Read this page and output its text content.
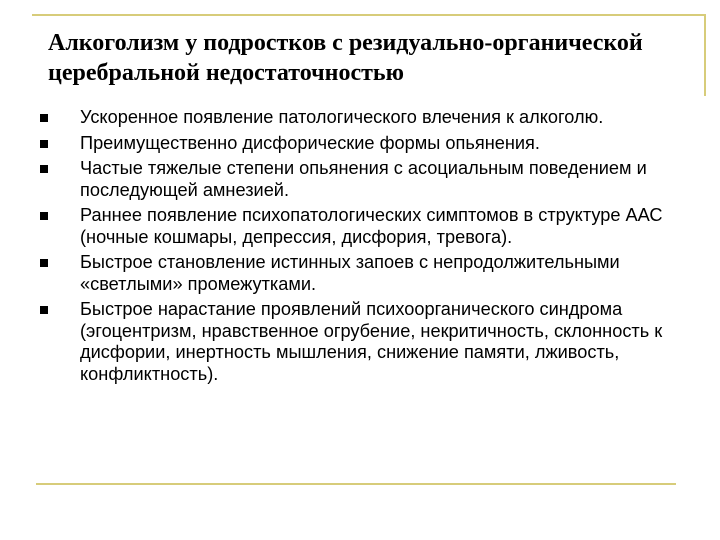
Алкоголизм у подростков с резидуально-органической церебральной недостаточностью
Ускоренное появление патологического влечения к алкоголю.
Преимущественно дисфорические формы опьянения.
Частые тяжелые степени опьянения с асоциальным поведением и последующей амнезией.
Раннее появление психопатологических симптомов в структуре ААС (ночные кошмары, депрессия, дисфория, тревога).
Быстрое становление истинных запоев с непродолжительными «светлыми» промежутками.
Быстрое нарастание проявлений психоорганического синдрома (эгоцентризм, нравственное огрубение, некритичность, склонность к дисфории, инертность мышления, снижение памяти, лживость, конфликтность).
